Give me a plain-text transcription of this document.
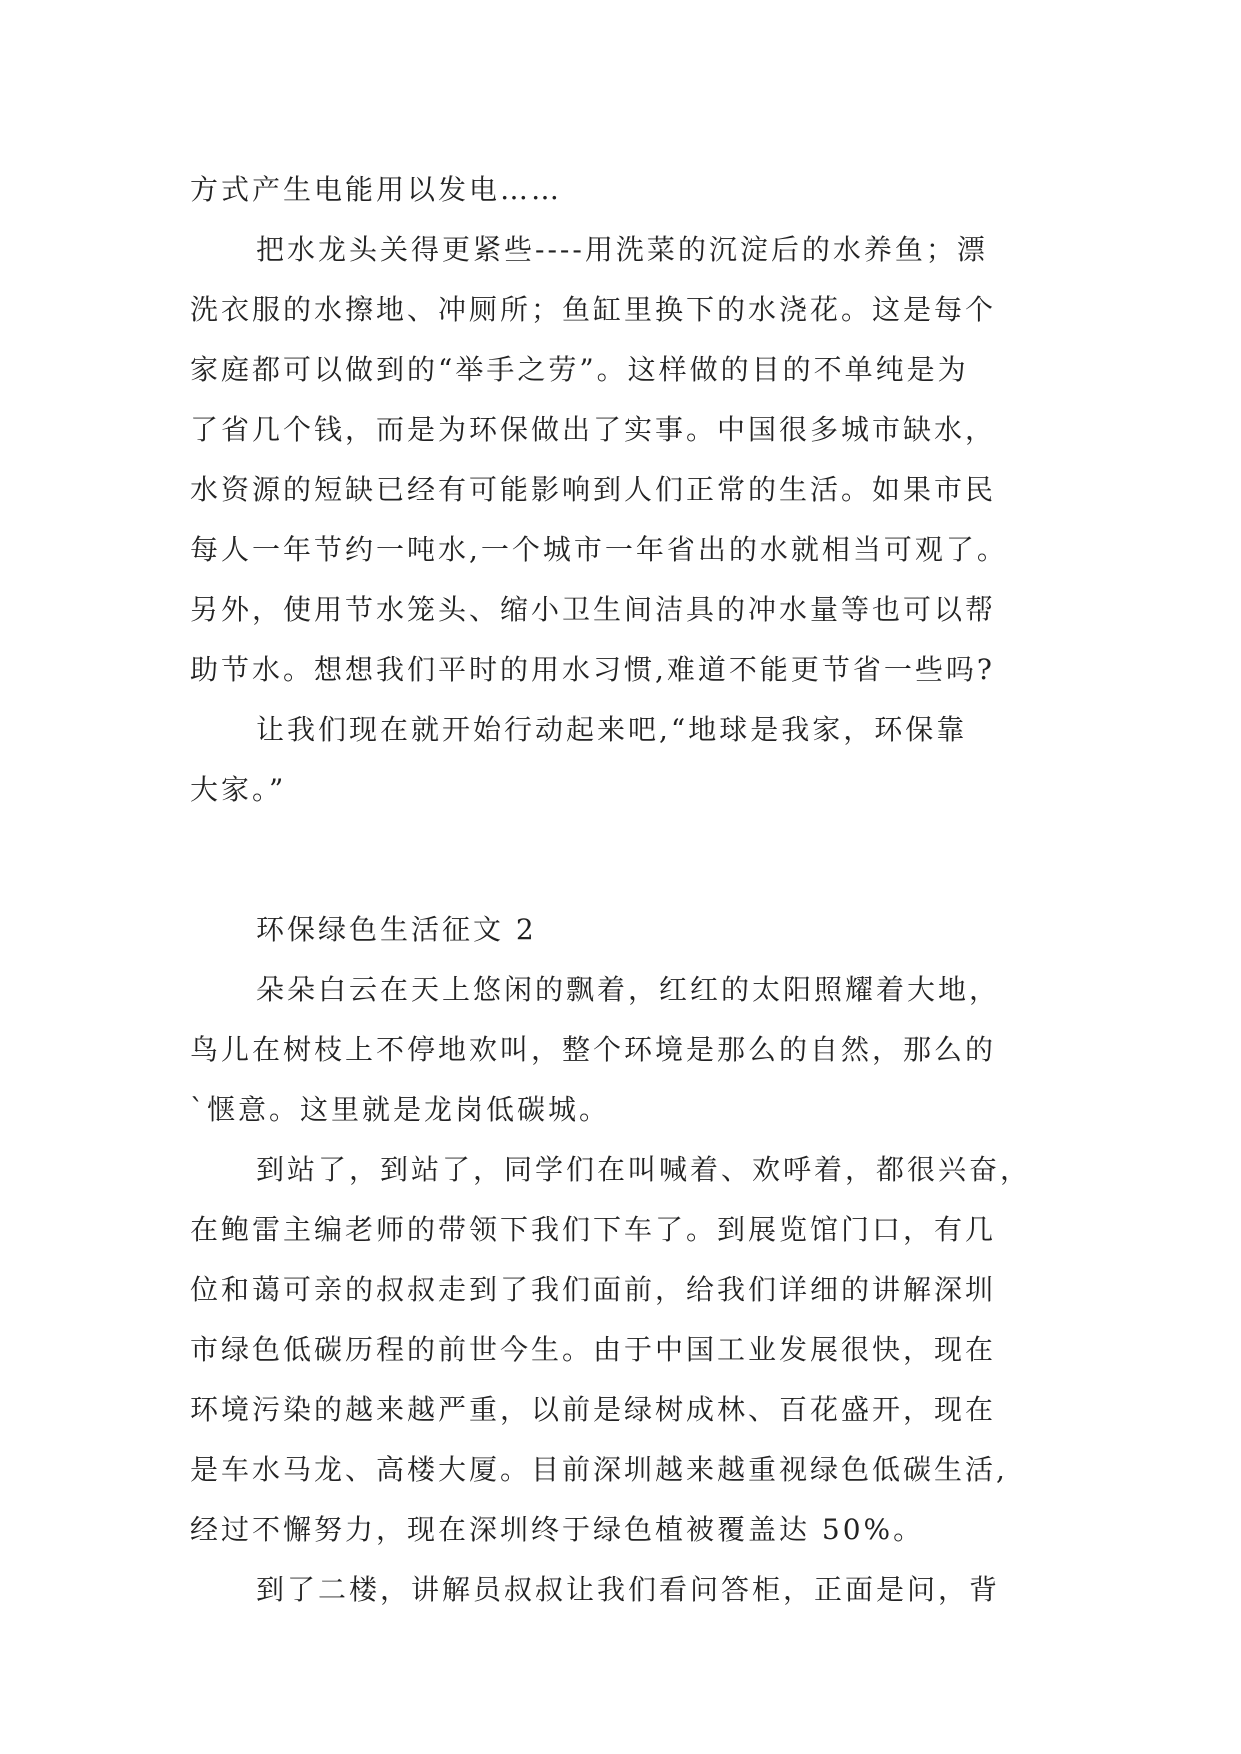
方式产生电能用以发电……
把水龙头关得更紧些----用洗菜的沉淀后的水养鱼；漂
洗衣服的水擦地、冲厕所；鱼缸里换下的水浇花。这是每个
家庭都可以做到的“举手之劳”。这样做的目的不单纯是为
了省几个钱，而是为环保做出了实事。中国很多城市缺水，
水资源的短缺已经有可能影响到人们正常的生活。如果市民
每人一年节约一吨水,一个城市一年省出的水就相当可观了。
另外，使用节水笼头、缩小卫生间洁具的冲水量等也可以帮
助节水。想想我们平时的用水习惯,难道不能更节省一些吗?
让我们现在就开始行动起来吧,“地球是我家，环保靠
大家。”
环保绿色生活征文 2
朵朵白云在天上悠闲的飘着，红红的太阳照耀着大地，
鸟儿在树枝上不停地欢叫，整个环境是那么的自然，那么的
`惬意。这里就是龙岗低碳城。
到站了，到站了，同学们在叫喊着、欢呼着，都很兴奋，
在鲍雷主编老师的带领下我们下车了。到展览馆门口，有几
位和蔼可亲的叔叔走到了我们面前，给我们详细的讲解深圳
市绿色低碳历程的前世今生。由于中国工业发展很快，现在
环境污染的越来越严重，以前是绿树成林、百花盛开，现在
是车水马龙、高楼大厦。目前深圳越来越重视绿色低碳生活,
经过不懈努力，现在深圳终于绿色植被覆盖达 50%。
到了二楼，讲解员叔叔让我们看问答柜，正面是问，背
